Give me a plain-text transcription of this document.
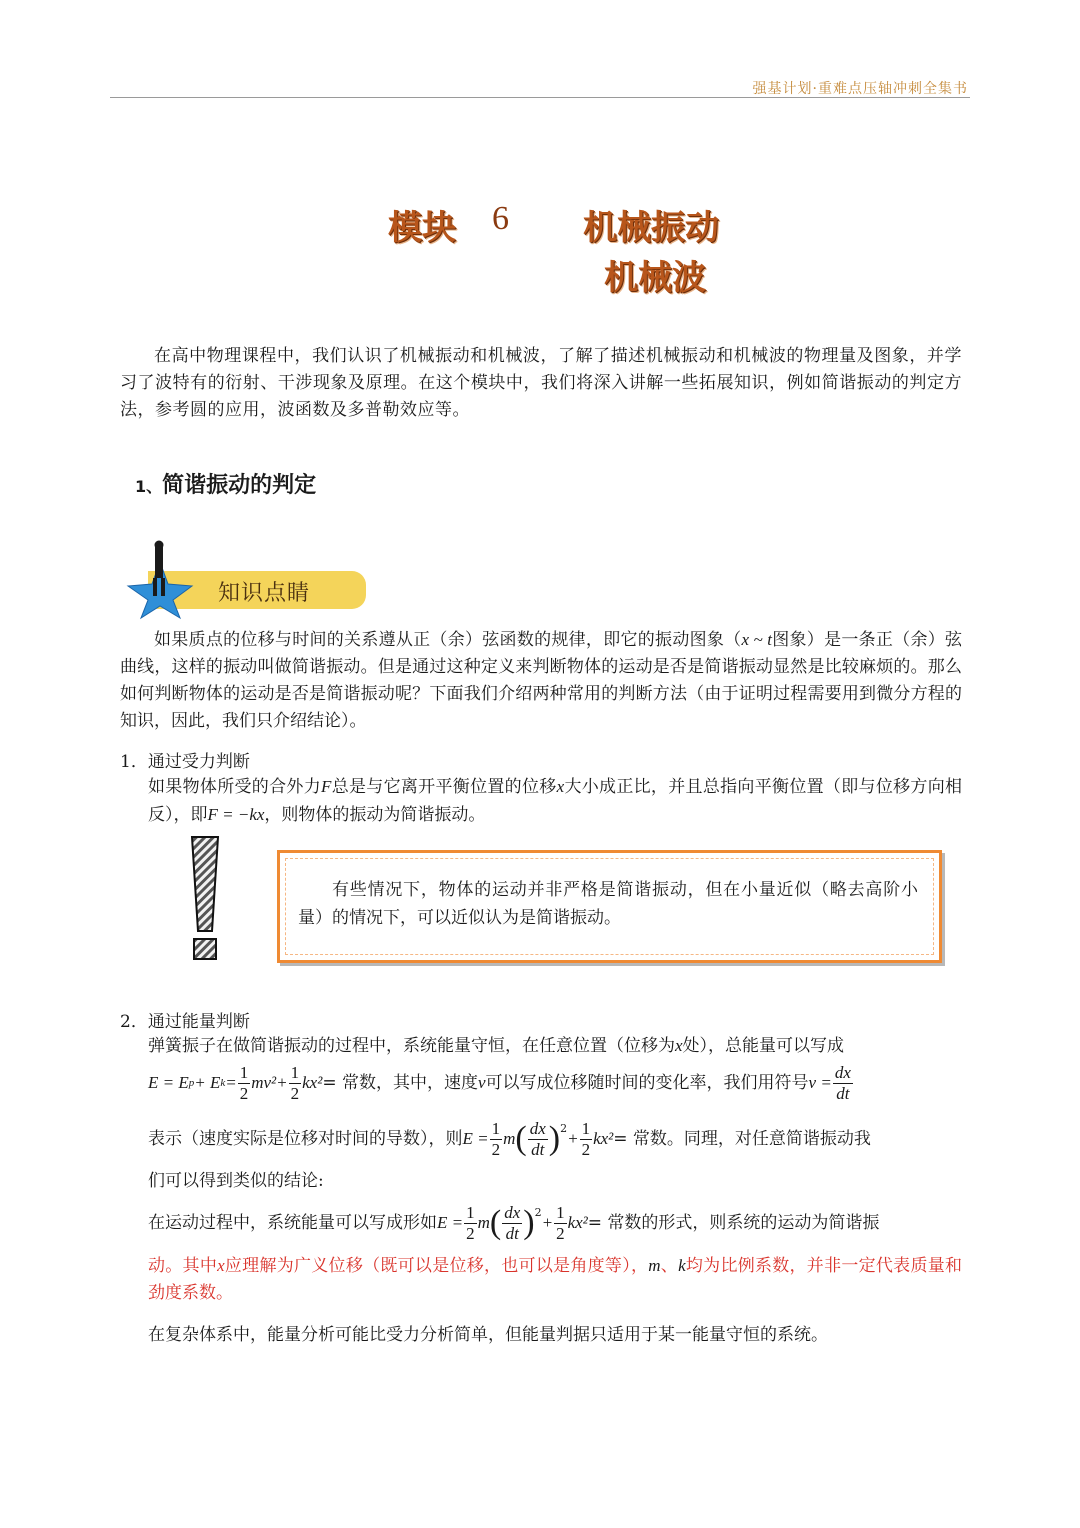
强基计划·重难点压轴冲刺全集书
模块 6 机械振动
机械波
在高中物理课程中，我们认识了机械振动和机械波，了解了描述机械振动和机械波的物理量及图象，并学习了波特有的衍射、干涉现象及原理。在这个模块中，我们将深入讲解一些拓展知识，例如简谐振动的判定方法，参考圆的应用，波函数及多普勒效应等。
1、简谐振动的判定
知识点睛
如果质点的位移与时间的关系遵从正（余）弦函数的规律，即它的振动图象（x ~ t图象）是一条正（余）弦曲线，这样的振动叫做简谐振动。但是通过这种定义来判断物体的运动是否是简谐振动显然是比较麻烦的。那么如何判断物体的运动是否是简谐振动呢？下面我们介绍两种常用的判断方法（由于证明过程需要用到微分方程的知识，因此，我们只介绍结论）。
1．通过受力判断
如果物体所受的合外力F总是与它离开平衡位置的位移x大小成正比，并且总指向平衡位置（即与位移方向相反），即F = −kx，则物体的振动为简谐振动。
有些情况下，物体的运动并非严格是简谐振动，但在小量近似（略去高阶小量）的情况下，可以近似认为是简谐振动。
2．通过能量判断
弹簧振子在做简谐振动的过程中，系统能量守恒，在任意位置（位移为x处），总能量可以写成
E = E p + E $k = \frac{1}{2} mv^2 + \frac{1}{2} kx^2$ = 常数 ，其中，速度 v 可以写成位移随时间的变化率，我们用符号 $v = \frac{dx}{dt}$
表示（速度实际是位移对时间的导数），则 $E = \frac{1}{2}$ m ( $\frac{dx}{dt} )^2$
+ $\frac{1}{2} kx^2$ = 常数 。同理，对任意简谐振动我
们可以得到类似的结论:
在运动过程中，系统能量可以写成形如 $E = \frac{1}{2}$ m ( $\frac{dx}{dt} )^2$
+ $\frac{1}{2} kx^2$ = 常数 的形式，则系统的运动为简谐振
动。其中x应理解为广义位移（既可以是位移，也可以是角度等），m、k均为比例系数，并非一定代表质量和劲度系数。
在复杂体系中，能量分析可能比受力分析简单，但能量判据只适用于某一能量守恒的系统。
